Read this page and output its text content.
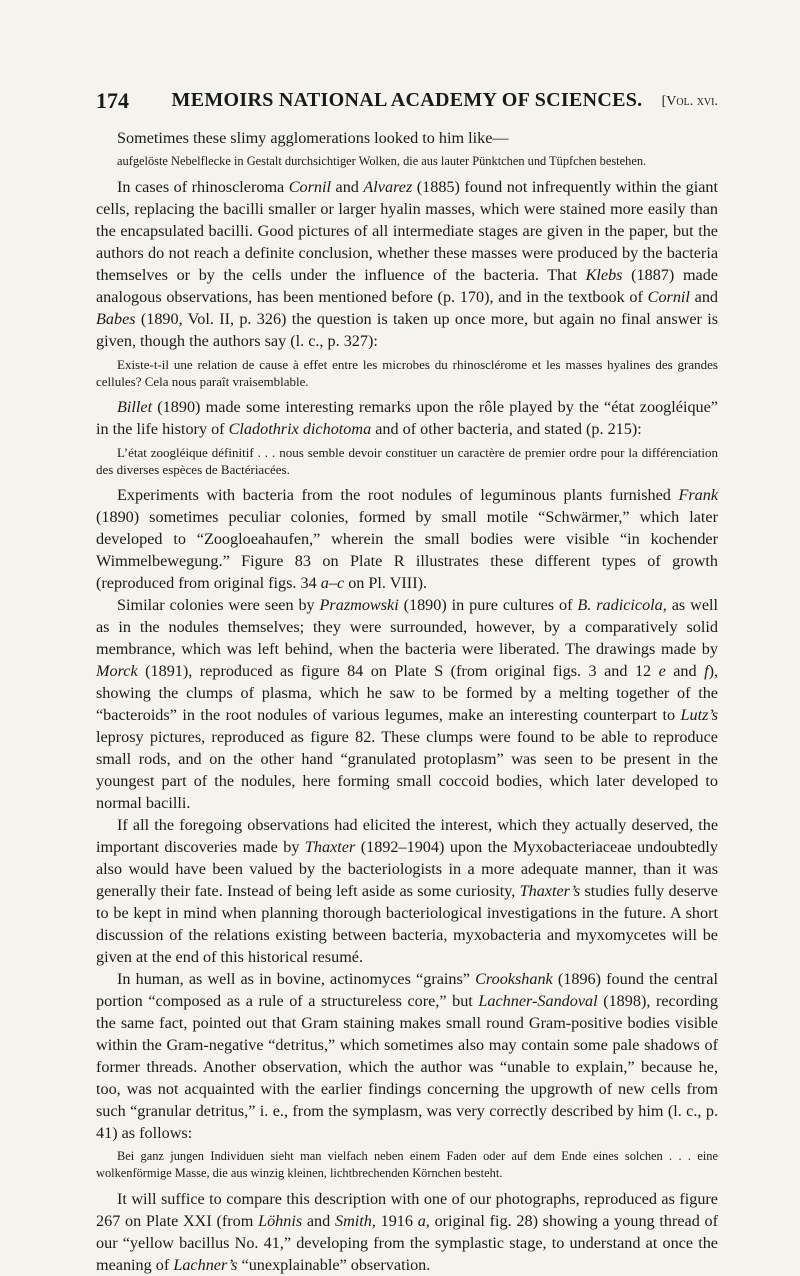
174	MEMOIRS NATIONAL ACADEMY OF SCIENCES.	[Vol. xvi.

Sometimes these slimy agglomerations looked to him like—

aufgelöste Nebelflecke in Gestalt durchsichtiger Wolken, die aus lauter Pünktchen und Tüpfchen bestehen.

In cases of rhinoscleroma Cornil and Alvarez (1885) found not infrequently within the giant cells, replacing the bacilli smaller or larger hyalin masses, which were stained more easily than the encapsulated bacilli. Good pictures of all intermediate stages are given in the paper, but the authors do not reach a definite conclusion, whether these masses were produced by the bacteria themselves or by the cells under the influence of the bacteria. That Klebs (1887) made analogous observations, has been mentioned before (p. 170), and in the textbook of Cornil and Babes (1890, Vol. II, p. 326) the question is taken up once more, but again no final answer is given, though the authors say (l. c., p. 327):

Existe-t-il une relation de cause à effet entre les microbes du rhinosclérome et les masses hyalines des grandes cellules? Cela nous paraît vraisemblable.

Billet (1890) made some interesting remarks upon the rôle played by the “état zoogléique” in the life history of Cladothrix dichotoma and of other bacteria, and stated (p. 215):

L’état zoogléique définitif . . . nous semble devoir constituer un caractère de premier ordre pour la différenciation des diverses espèces de Bactériacées.

Experiments with bacteria from the root nodules of leguminous plants furnished Frank (1890) sometimes peculiar colonies, formed by small motile “Schwärmer,” which later developed to “Zoogloeahaufen,” wherein the small bodies were visible “in kochender Wimmelbewegung.” Figure 83 on Plate R illustrates these different types of growth (reproduced from original figs. 34 a–c on Pl. VIII).

Similar colonies were seen by Prazmowski (1890) in pure cultures of B. radicicola, as well as in the nodules themselves; they were surrounded, however, by a comparatively solid membrance, which was left behind, when the bacteria were liberated. The drawings made by Morck (1891), reproduced as figure 84 on Plate S (from original figs. 3 and 12 e and f), showing the clumps of plasma, which he saw to be formed by a melting together of the “bacteroids” in the root nodules of various legumes, make an interesting counterpart to Lutz’s leprosy pictures, reproduced as figure 82. These clumps were found to be able to reproduce small rods, and on the other hand “granulated protoplasm” was seen to be present in the youngest part of the nodules, here forming small coccoid bodies, which later developed to normal bacilli.

If all the foregoing observations had elicited the interest, which they actually deserved, the important discoveries made by Thaxter (1892–1904) upon the Myxobacteriaceae undoubtedly also would have been valued by the bacteriologists in a more adequate manner, than it was generally their fate. Instead of being left aside as some curiosity, Thaxter’s studies fully deserve to be kept in mind when planning thorough bacteriological investigations in the future. A short discussion of the relations existing between bacteria, myxobacteria and myxomycetes will be given at the end of this historical resumé.

In human, as well as in bovine, actinomyces “grains” Crookshank (1896) found the central portion “composed as a rule of a structureless core,” but Lachner-Sandoval (1898), recording the same fact, pointed out that Gram staining makes small round Gram-positive bodies visible within the Gram-negative “detritus,” which sometimes also may contain some pale shadows of former threads. Another observation, which the author was “unable to explain,” because he, too, was not acquainted with the earlier findings concerning the upgrowth of new cells from such “granular detritus,” i. e., from the symplasm, was very correctly described by him (l. c., p. 41) as follows:

Bei ganz jungen Individuen sieht man vielfach neben einem Faden oder auf dem Ende eines solchen . . . eine wolkenförmige Masse, die aus winzig kleinen, lichtbrechenden Körnchen besteht.

It will suffice to compare this description with one of our photographs, reproduced as figure 267 on Plate XXI (from Löhnis and Smith, 1916 a, original fig. 28) showing a young thread of our “yellow bacillus No. 41,” developing from the symplastic stage, to understand at once the meaning of Lachner’s “unexplainable” observation.
